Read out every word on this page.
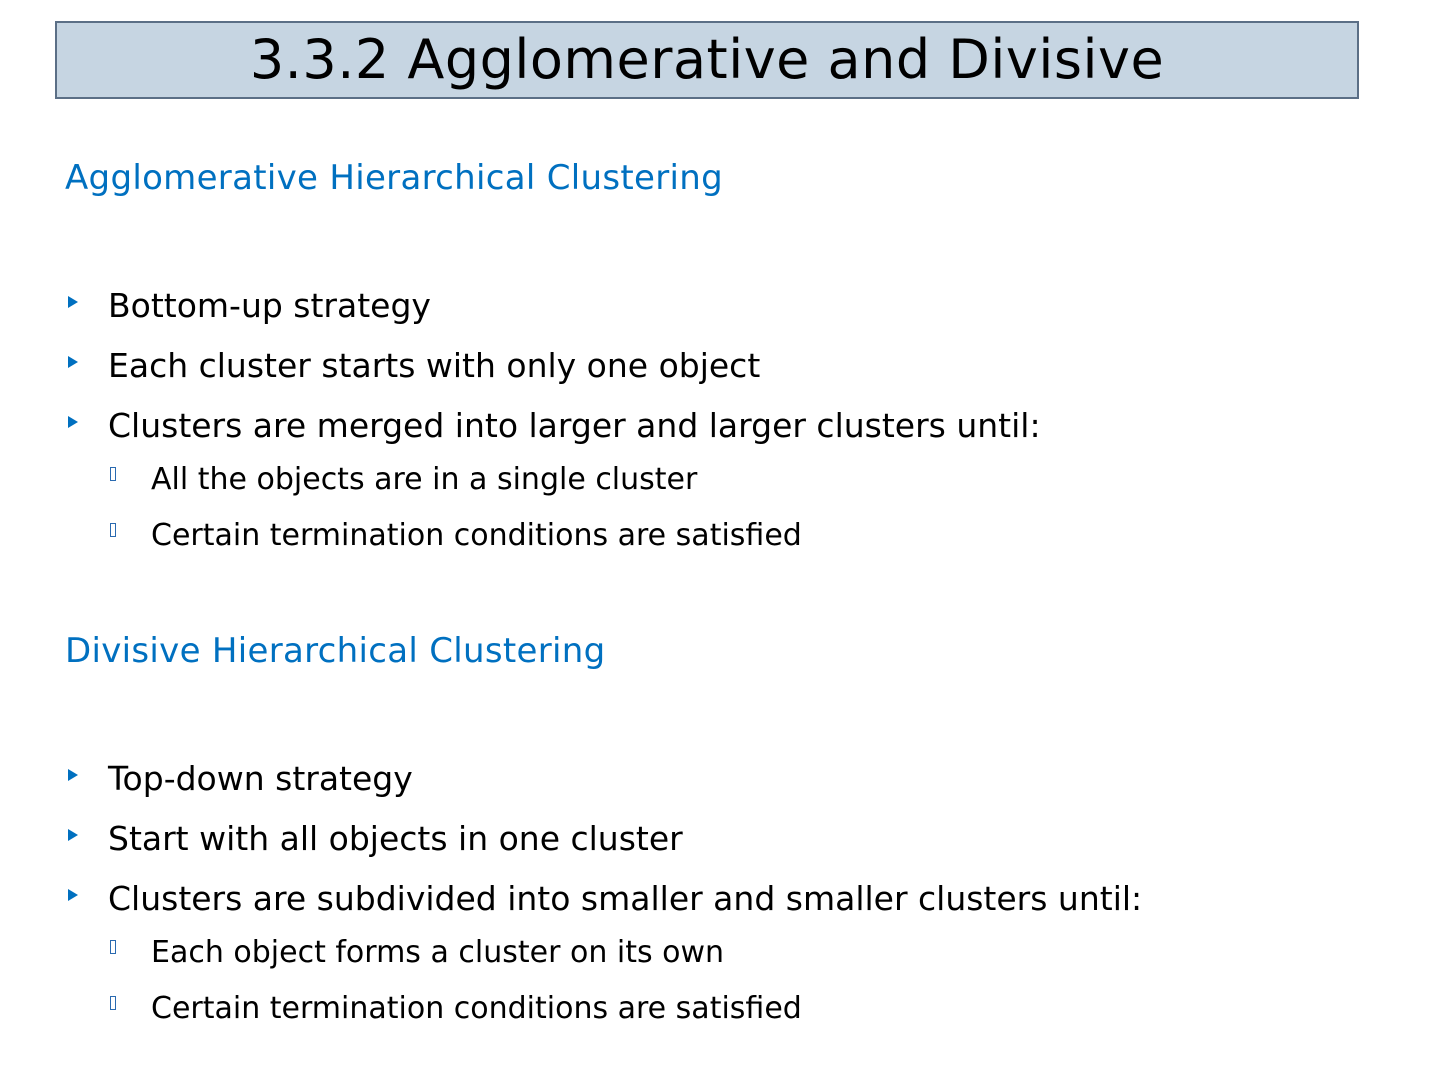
3.3.2 Agglomerative and Divisive
Agglomerative Hierarchical Clustering
Bottom-up strategy
Each cluster starts with only one object
Clusters are merged into larger and larger clusters until:
All the objects are in a single cluster
Certain termination conditions are satisfied
Divisive Hierarchical Clustering
Top-down strategy
Start with all objects in one cluster
Clusters are subdivided into smaller and smaller clusters until:
Each object forms a cluster on its own
Certain termination conditions are satisfied
